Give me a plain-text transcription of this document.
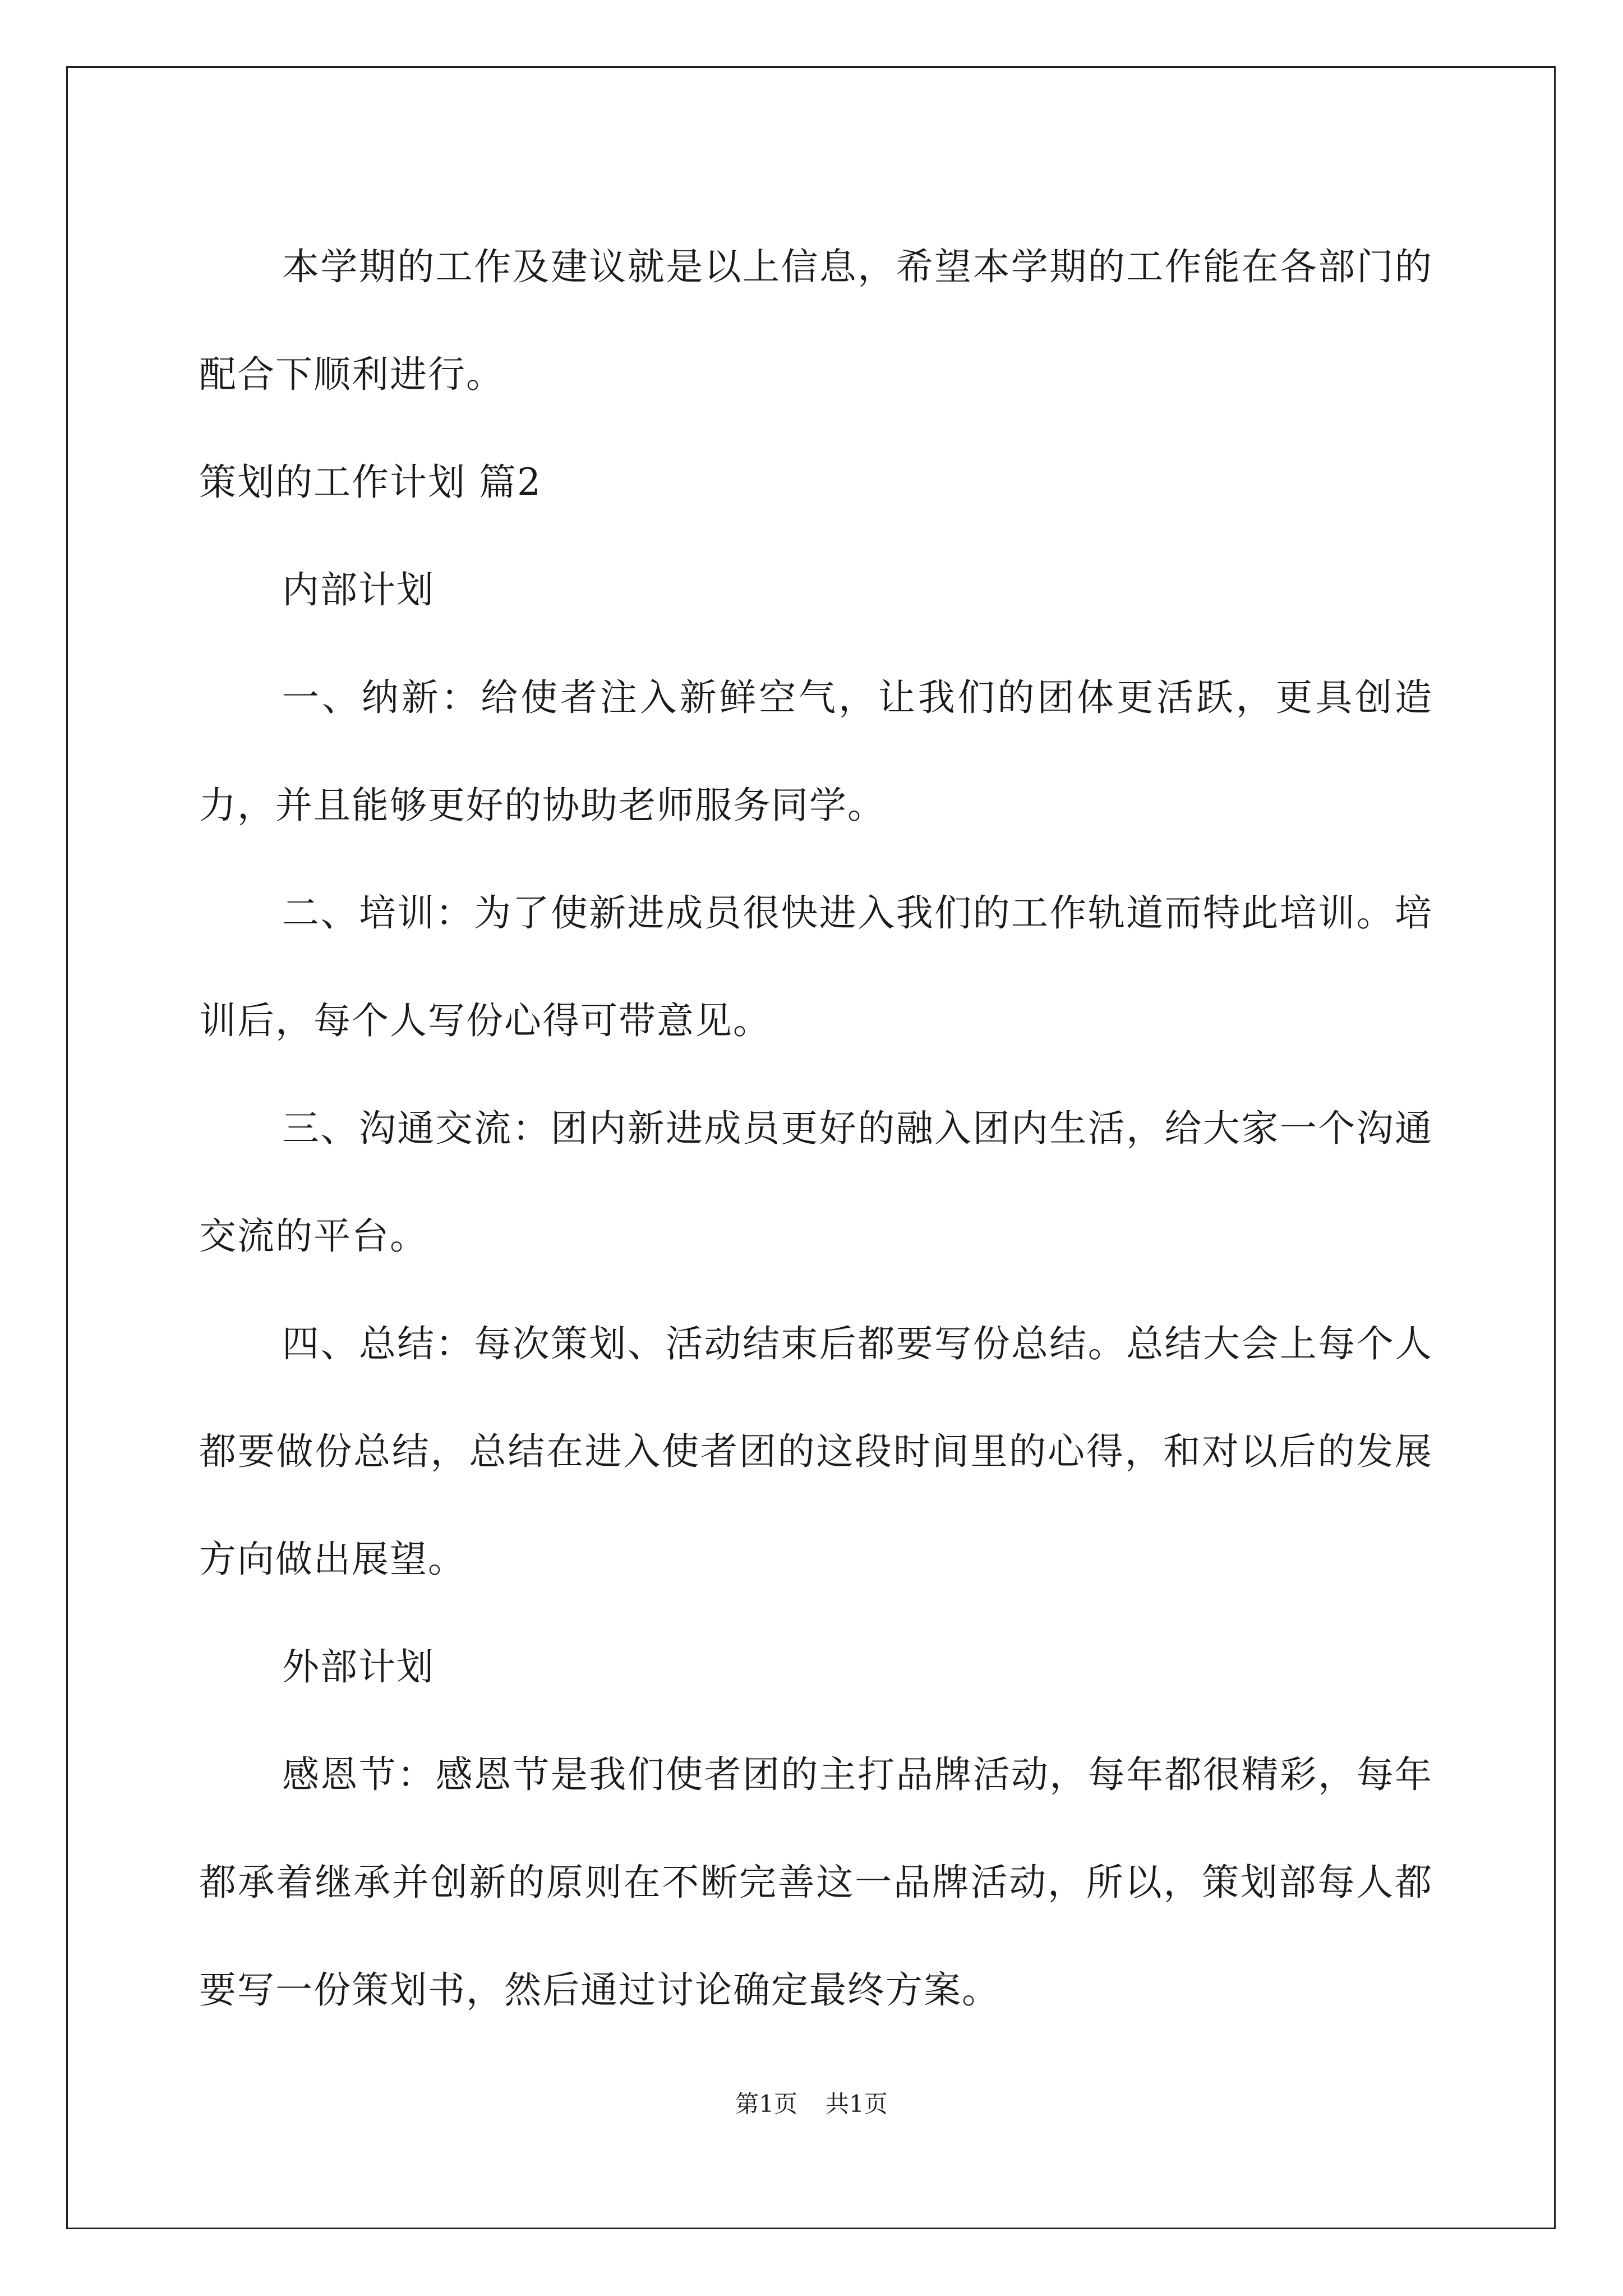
本学期的工作及建议就是以上信息，希望本学期的工作能在各部门的配合下顺利进行。

策划的工作计划 篇2

内部计划

一、纳新：给使者注入新鲜空气，让我们的团体更活跃，更具创造力，并且能够更好的协助老师服务同学。

二、培训：为了使新进成员很快进入我们的工作轨道而特此培训。培训后，每个人写份心得可带意见。

三、沟通交流：团内新进成员更好的融入团内生活，给大家一个沟通交流的平台。

四、总结：每次策划、活动结束后都要写份总结。总结大会上每个人都要做份总结，总结在进入使者团的这段时间里的心得，和对以后的发展方向做出展望。

外部计划

感恩节：感恩节是我们使者团的主打品牌活动，每年都很精彩，每年都承着继承并创新的原则在不断完善这一品牌活动，所以，策划部每人都要写一份策划书，然后通过讨论确定最终方案。

第1页 共1页
